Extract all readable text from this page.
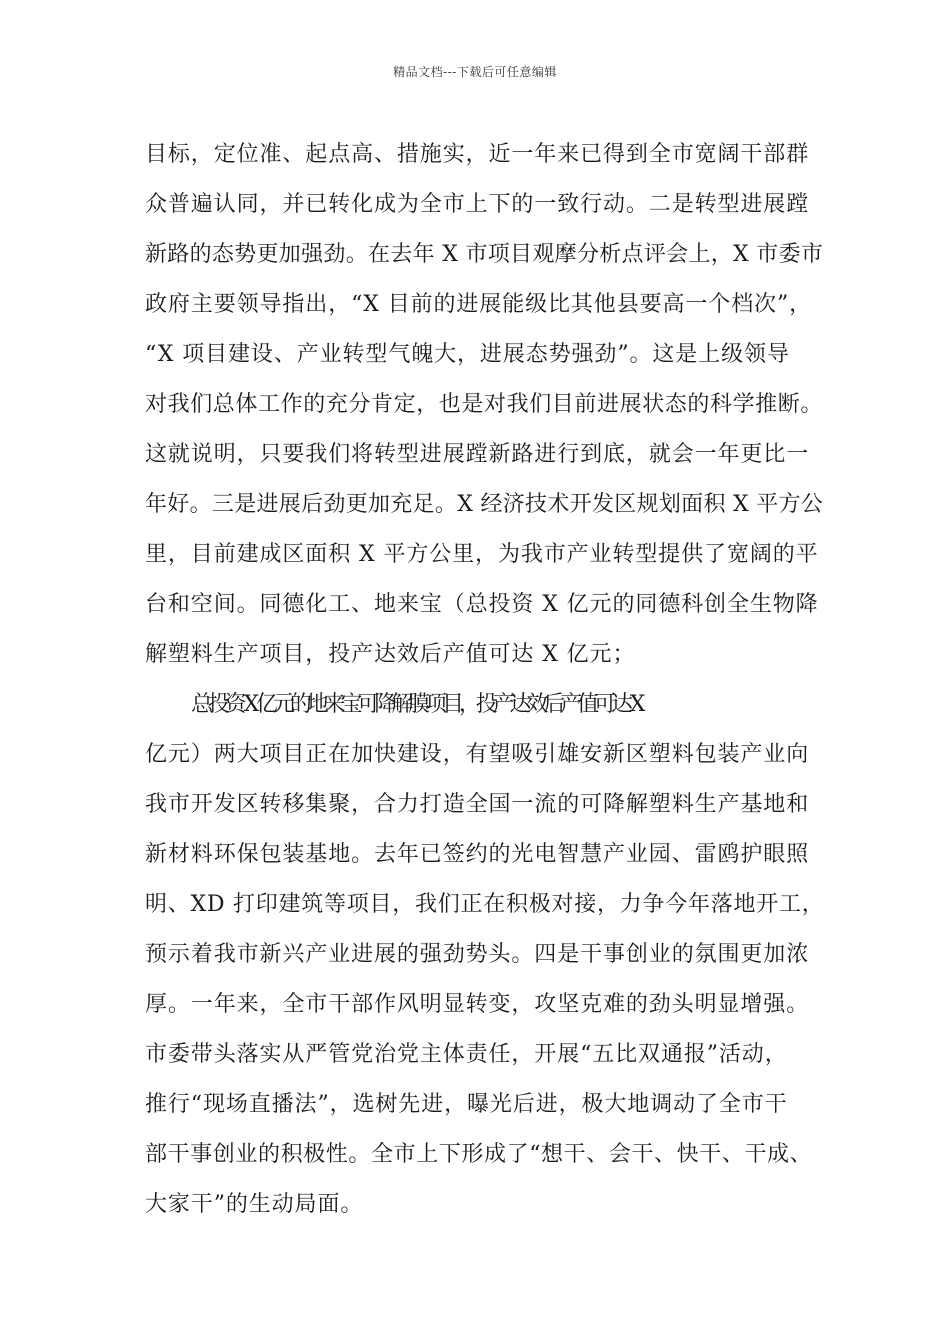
精品文档---下载后可任意编辑
目标，定位准、起点高、措施实，近一年来已得到全市宽阔干部群
众普遍认同，并已转化成为全市上下的一致行动。二是转型进展蹚
新路的态势更加强劲。在去年 X 市项目观摩分析点评会上，X 市委市
政府主要领导指出，“X 目前的进展能级比其他县要高一个档次”，
“X 项目建设、产业转型气魄大，进展态势强劲”。这是上级领导
对我们总体工作的充分肯定，也是对我们目前进展状态的科学推断。
这就说明，只要我们将转型进展蹚新路进行到底，就会一年更比一
年好。三是进展后劲更加充足。X 经济技术开发区规划面积 X 平方公
里，目前建成区面积 X 平方公里，为我市产业转型提供了宽阔的平
台和空间。同德化工、地来宝（总投资 X 亿元的同德科创全生物降
解塑料生产项目，投产达效后产值可达 X 亿元；
总投资 X 亿元的地来宝可降解膜项目，投产达效后产值可达 X
亿元）两大项目正在加快建设，有望吸引雄安新区塑料包装产业向
我市开发区转移集聚，合力打造全国一流的可降解塑料生产基地和
新材料环保包装基地。去年已签约的光电智慧产业园、雷鸥护眼照
明、XD 打印建筑等项目，我们正在积极对接，力争今年落地开工，
预示着我市新兴产业进展的强劲势头。四是干事创业的氛围更加浓
厚。一年来，全市干部作风明显转变，攻坚克难的劲头明显增强。
市委带头落实从严管党治党主体责任，开展“五比双通报”活动，
推行“现场直播法”，选树先进，曝光后进，极大地调动了全市干
部干事创业的积极性。全市上下形成了“想干、会干、快干、干成、
大家干”的生动局面。
